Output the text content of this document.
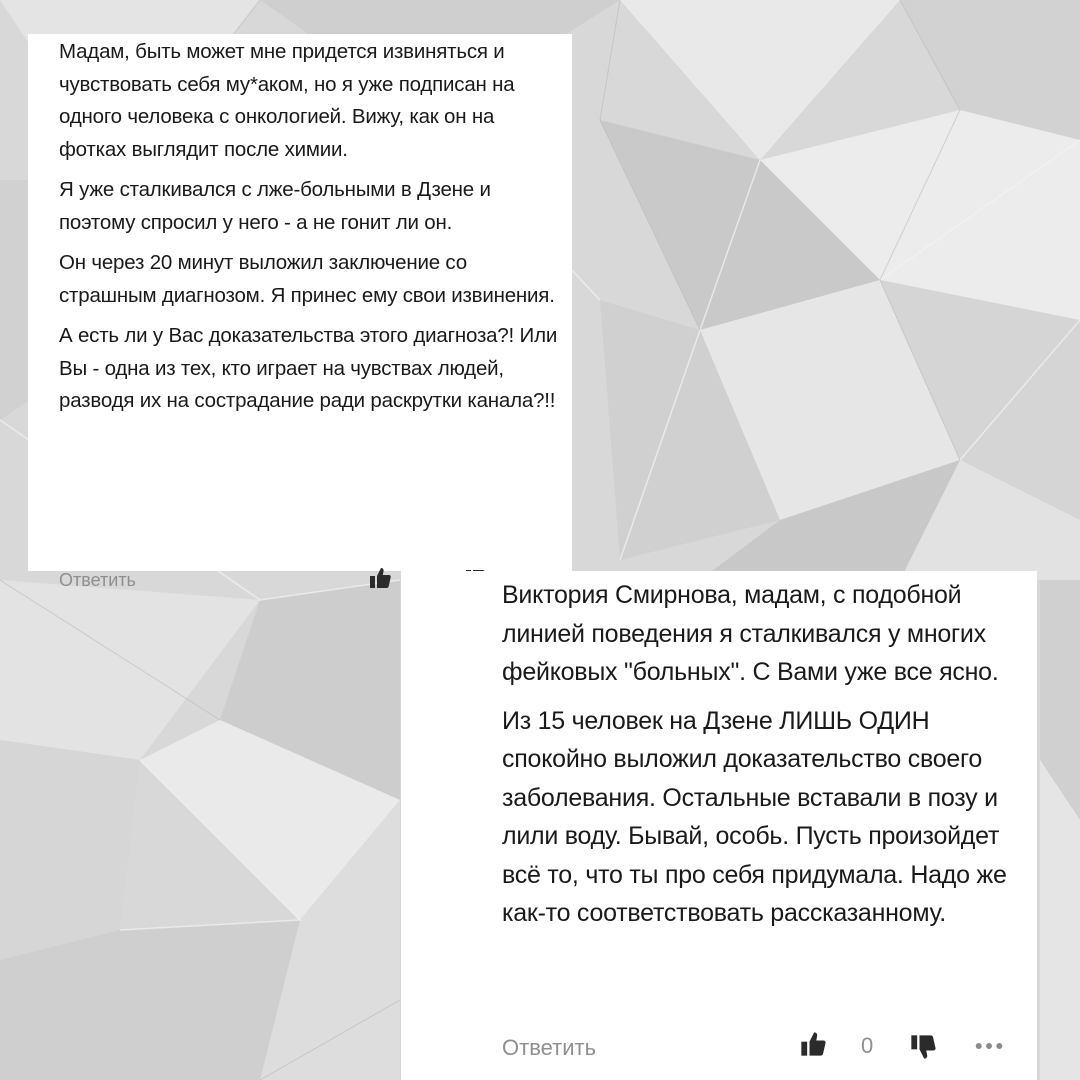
Мадам, быть может мне придется извиняться и чувствовать себя му*аком, но я уже подписан на одного человека с онкологией. Вижу, как он на фотках выглядит после химии.

Я уже сталкивался с лже-больными в Дзене и поэтому спросил у него - а не гонит ли он.

Он через 20 минут выложил заключение со страшным диагнозом. Я принес ему свои извинения.

А есть ли у Вас доказательства этого диагноза?! Или Вы - одна из тех, кто играет на чувствах людей, разводя их на сострадание ради раскрутки канала?!!

Ответить

Виктория Смирнова, мадам, с подобной линией поведения я сталкивался у многих фейковых "больных". С Вами уже все ясно.

Из 15 человек на Дзене ЛИШЬ ОДИН спокойно выложил доказательство своего заболевания. Остальные вставали в позу и лили воду. Бывай, особь. Пусть произойдет всё то, что ты про себя придумала. Надо же как-то соответствовать рассказанному.

Ответить	0
